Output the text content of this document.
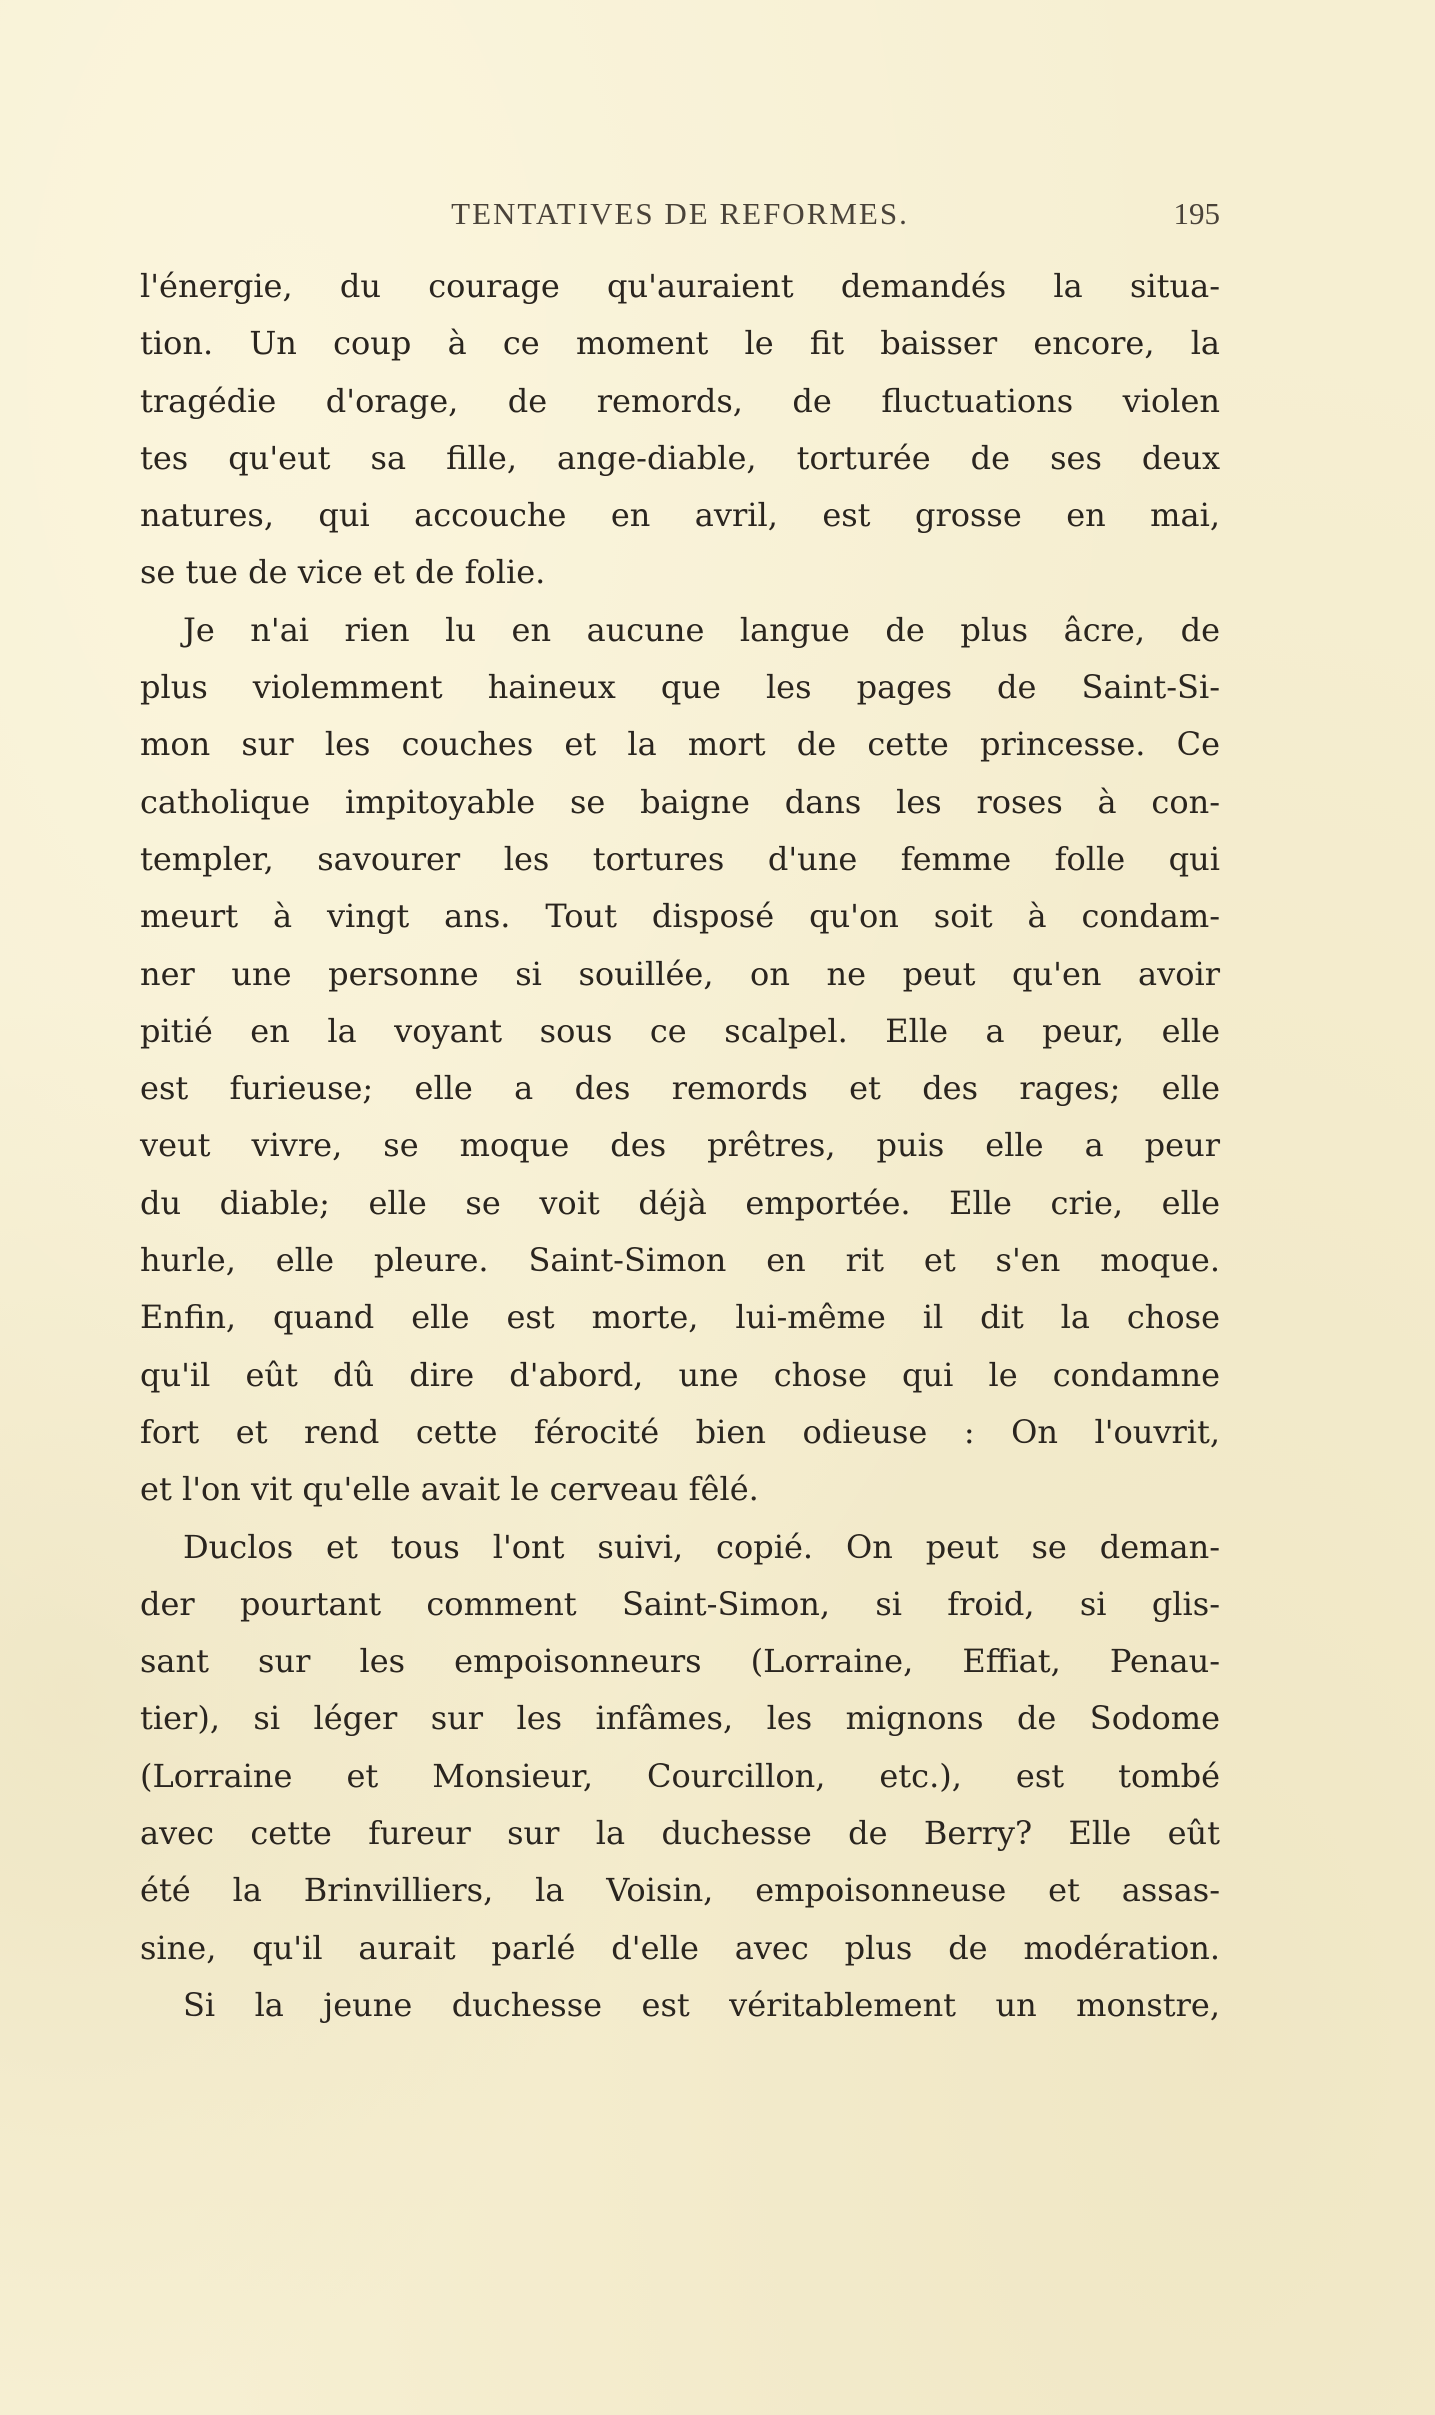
TENTATIVES DE REFORMES.	195
l'énergie, du courage qu'auraient demandés la situa-
tion. Un coup à ce moment le fit baisser encore, la
tragédie d'orage, de remords, de fluctuations violen
tes qu'eut sa fille, ange-diable, torturée de ses deux
natures, qui accouche en avril, est grosse en mai,
se tue de vice et de folie.
Je n'ai rien lu en aucune langue de plus âcre, de
plus violemment haineux que les pages de Saint-Si-
mon sur les couches et la mort de cette princesse. Ce
catholique impitoyable se baigne dans les roses à con-
templer, savourer les tortures d'une femme folle qui
meurt à vingt ans. Tout disposé qu'on soit à condam-
ner une personne si souillée, on ne peut qu'en avoir
pitié en la voyant sous ce scalpel. Elle a peur, elle
est furieuse; elle a des remords et des rages; elle
veut vivre, se moque des prêtres, puis elle a peur
du diable; elle se voit déjà emportée. Elle crie, elle
hurle, elle pleure. Saint-Simon en rit et s'en moque.
Enfin, quand elle est morte, lui-même il dit la chose
qu'il eût dû dire d'abord, une chose qui le condamne
fort et rend cette férocité bien odieuse : On l'ouvrit,
et l'on vit qu'elle avait le cerveau fêlé.
Duclos et tous l'ont suivi, copié. On peut se deman-
der pourtant comment Saint-Simon, si froid, si glis-
sant sur les empoisonneurs (Lorraine, Effiat, Penau-
tier), si léger sur les infâmes, les mignons de Sodome
(Lorraine et Monsieur, Courcillon, etc.), est tombé
avec cette fureur sur la duchesse de Berry? Elle eût
été la Brinvilliers, la Voisin, empoisonneuse et assas-
sine, qu'il aurait parlé d'elle avec plus de modération.
Si la jeune duchesse est véritablement un monstre,
